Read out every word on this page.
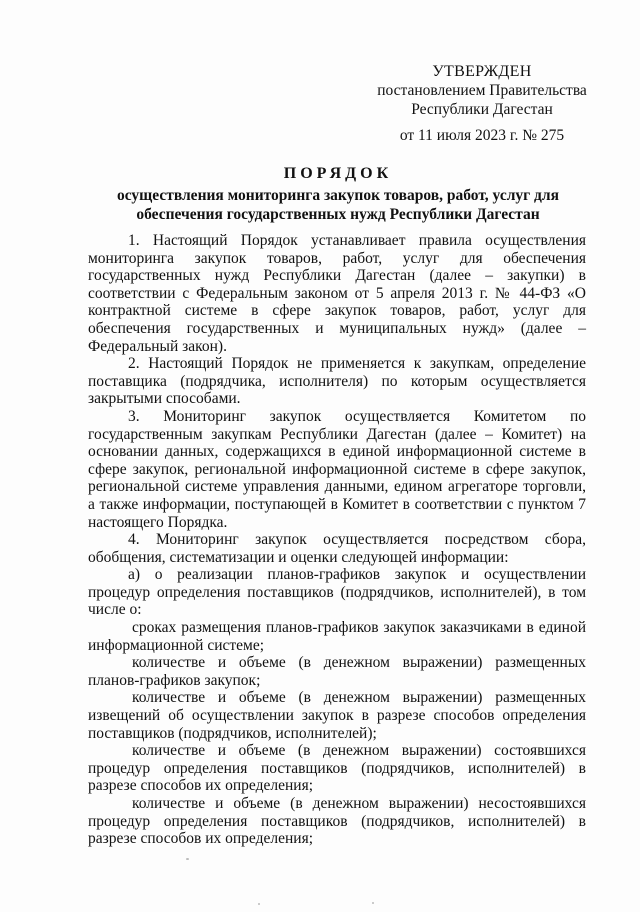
УТВЕРЖДЕН
постановлением Правительства
Республики Дагестан
от 11 июля 2023 г. № 275
ПОРЯДОК
осуществления мониторинга закупок товаров, работ, услуг для обеспечения государственных нужд Республики Дагестан

1. Настоящий Порядок устанавливает правила осуществления мониторинга закупок товаров, работ, услуг для обеспечения государственных нужд Республики Дагестан (далее – закупки) в соответствии с Федеральным законом от 5 апреля 2013 г. № 44-ФЗ «О контрактной системе в сфере закупок товаров, работ, услуг для обеспечения государственных и муниципальных нужд» (далее – Федеральный закон).

2. Настоящий Порядок не применяется к закупкам, определение поставщика (подрядчика, исполнителя) по которым осуществляется закрытыми способами.

3. Мониторинг закупок осуществляется Комитетом по государственным закупкам Республики Дагестан (далее – Комитет) на основании данных, содержащихся в единой информационной системе в сфере закупок, региональной информационной системе в сфере закупок, региональной системе управления данными, едином агрегаторе торговли, а также информации, поступающей в Комитет в соответствии с пунктом 7 настоящего Порядка.

4. Мониторинг закупок осуществляется посредством сбора, обобщения, систематизации и оценки следующей информации:

а) о реализации планов-графиков закупок и осуществлении процедур определения поставщиков (подрядчиков, исполнителей), в том числе о:

сроках размещения планов-графиков закупок заказчиками в единой информационной системе;

количестве и объеме (в денежном выражении) размещенных планов-графиков закупок;

количестве и объеме (в денежном выражении) размещенных извещений об осуществлении закупок в разрезе способов определения поставщиков (подрядчиков, исполнителей);

количестве и объеме (в денежном выражении) состоявшихся процедур определения поставщиков (подрядчиков, исполнителей) в разрезе способов их определения;

количестве и объеме (в денежном выражении) несостоявшихся процедур определения поставщиков (подрядчиков, исполнителей) в разрезе способов их определения;
